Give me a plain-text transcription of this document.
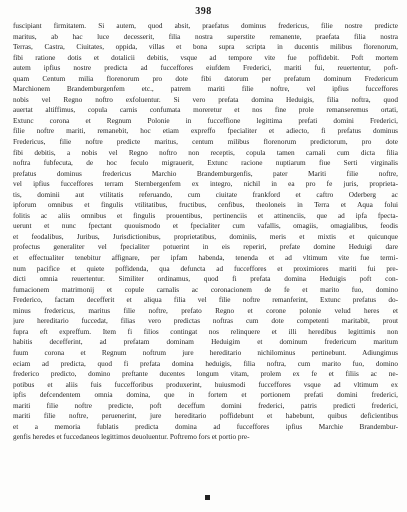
398
fuscipiant firmitatem. Si autem, quod absit, praefatus dominus fredericus, filie nostre predicte
maritus, ab hac luce decesserit, filia nostra superstite remanente, praefata filia nostra
Terras, Castra, Ciuitates, oppida, villas et bona supra scripta in ducentis milibus florenorum,
fibi ratione dotis et dotalicii debitis, vsque ad tempore vite fue poffidebit. Poft mortem
autem ipfius nostre predicta ad fucceffores eiufdem Frederici, mariti fui, reuertentur, poft-
quam Centum milia florenorum pro dote fibi datorum per prefatum dominum Fredericum
Marchionem Brandemburgenfem etc., patrem mariti filie noftre, vel ipfius fucceffores
nobis vel Regno noftro exfoluentur. Si vero prefata domina Heduigis, filia noftra, quod
auertat altiffimus, copula carnis confumata moreretur et nos fine prole remanseremus ortati,
Extunc corona et Regnum Polonie in fucceffione legittima prefati domini Frederici,
filie noftre mariti, remanebit, hoc etiam expreffo fpecialiter et adiecto, fi prefatus dominus
Fredericus, filie noftre predicte maritus, centum milibus florenorum predictorum, pro dote
fibi debitis, a nobis vel Regno noftro non receptis, copula tamen carnali cum dicta filia
noftra fubfecuta, de hoc feculo migrauerit, Extunc racione nuptiarum fiue Serti virginalis
prefatus dominus fredericus Marchio Brandemburgenfis, pater Mariti filie noftre,
vel ipfius fucceffores terram Sternbergenfem ex integro, nichil in ea pro fe juris, proprieta-
tis, dominii aut vtilitatis referuando, cum ciuitate frankford et caftro Oderberg ac
ipforum omnibus et fingulis vtilitatibus, fructibus, cenfibus, theoloneis in Terra et Aqua folui
folitis ac aliis omnibus et fingulis prouentibus, pertinenciis et attinenciis, que ad ipfa fpecta-
uerunt et nunc fpectant quouismodo et fpecialiter cum vafallis, omagiis, omagialibus, feodis
et feodalibus, Juribus, Jurisdictionibus, proprietatibus, dominiis, meris et mixtis et quicunque
profectus generaliter vel fpecialiter potuerint in eis reperiri, prefate domine Heduigi dare
et effectualiter tenebitur affignare, per ipfam habenda, tenenda et ad vltimum vite fue termi-
num pacifice et quiete poffidenda, qua defuncta ad fucceffores et proximiores mariti fui pre-
dicti omnia reuertentur. Similiter ordinamus, quod fi prefata domina Heduigis poft con-
fumacionem matrimonij et copule carnalis ac coronacionem de fe et marito fuo, domino
Frederico, factam decefferit et aliqua filia vel filie noftre remanferint, Extunc prefatus do-
minus fredericus, maritus filie noftre, prefato Regno et corone polonie velud heres et
jure hereditario fuccedat, filias vero predictas noftras cum dote competenti maritabit, prout
fupra eft expreffum. Item fi filios contingat nos relinquere et illi heredibus legittimis non
habitis decefferint, ad prefatam dominam Heduigim et dominum fredericum maritum
fuum corona et Regnum noftrum jure hereditario nichilominus pertinebunt. Adiungimus
eciam ad predicta, quod fi prefata domina heduigis, filia noftra, cum marito fuo, domino
frederico predicto, domino preftante ducentes longum vitam, prolem ex fe et filiis ac ne-
potibus et aliis fuis fuccefforibus produxerint, huiusmodi fucceffores vsque ad vltimum ex
ipfis defcendentem omnia domina, que in fortem et portionem prefati domini frederici,
mariti filie noftre predicte, poft deceffum domini frederici, patris predicti frederici,
mariti filie noftre, peruenerint, jure hereditario poffidebunt et habebunt, quibus deficientibus
et a memoria fublatis predicta domina ad fucceffores ipfius Marchie Brandembur-
genfis heredes et fuccedaneos legittimos deuoluentur. Poftremo fors et portio pre-
